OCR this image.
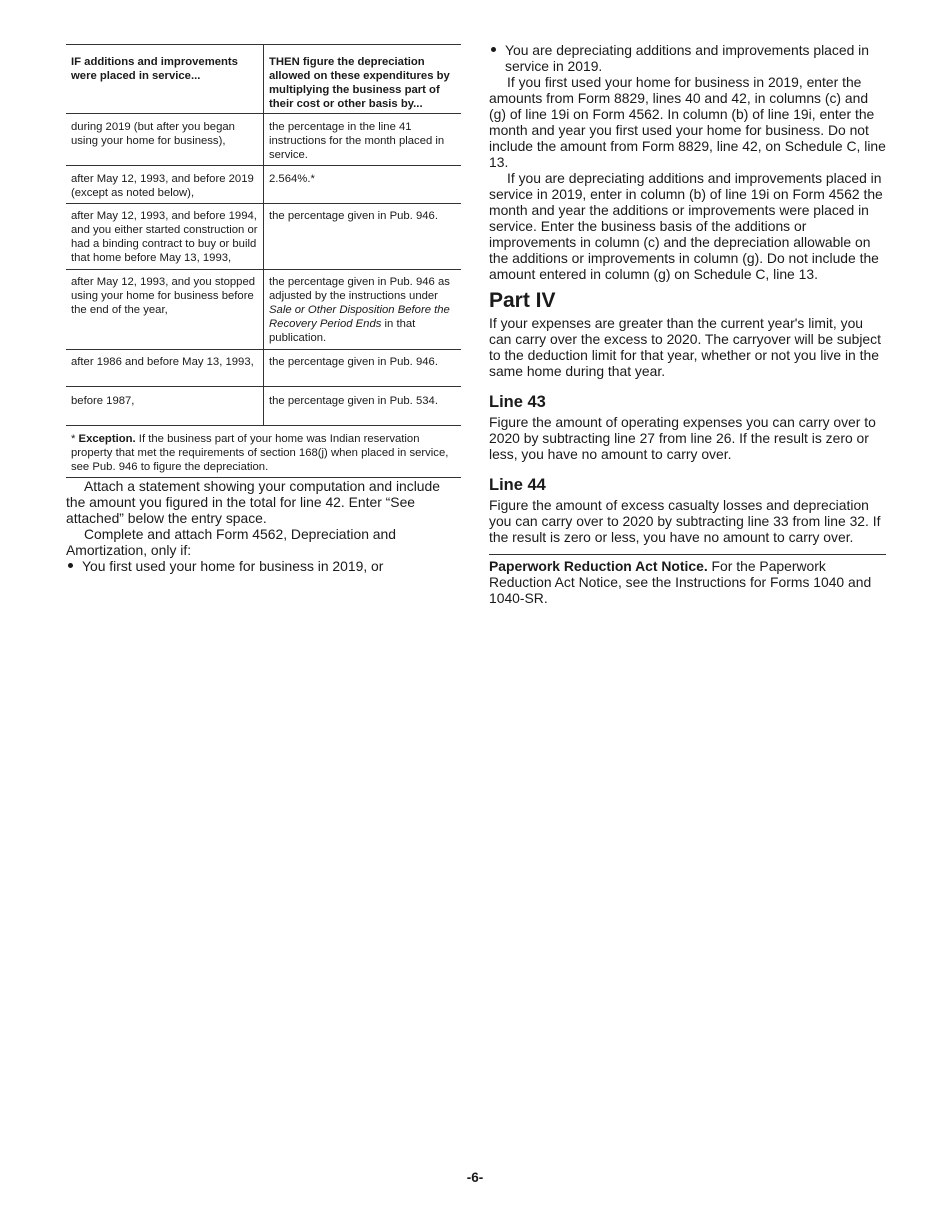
IF additions and improvements were placed in service...	THEN figure the depreciation allowed on these expenditures by multiplying the business part of their cost or other basis by...
during 2019 (but after you began using your home for business),	the percentage in the line 41 instructions for the month placed in service.
after May 12, 1993, and before 2019 (except as noted below),	2.564%.*
after May 12, 1993, and before 1994, and you either started construction or had a binding contract to buy or build that home before May 13, 1993,	the percentage given in Pub. 946.
after May 12, 1993, and you stopped using your home for business before the end of the year,	the percentage given in Pub. 946 as adjusted by the instructions under Sale or Other Disposition Before the Recovery Period Ends in that publication.
after 1986 and before May 13, 1993,	the percentage given in Pub. 946.
before 1987,	the percentage given in Pub. 534.
* Exception. If the business part of your home was Indian reservation property that met the requirements of section 168(j) when placed in service, see Pub. 946 to figure the depreciation.	

Attach a statement showing your computation and include the amount you figured in the total for line 42. Enter “See attached” below the entry space.

Complete and attach Form 4562, Depreciation and Amortization, only if:

You first used your home for business in 2019, or
You are depreciating additions and improvements placed in service in 2019.

If you first used your home for business in 2019, enter the amounts from Form 8829, lines 40 and 42, in columns (c) and (g) of line 19i on Form 4562. In column (b) of line 19i, enter the month and year you first used your home for business. Do not include the amount from Form 8829, line 42, on Schedule C, line 13.

If you are depreciating additions and improvements placed in service in 2019, enter in column (b) of line 19i on Form 4562 the month and year the additions or improvements were placed in service. Enter the business basis of the additions or improvements in column (c) and the depreciation allowable on the additions or improvements in column (g). Do not include the amount entered in column (g) on Schedule C, line 13.

Part IV

If your expenses are greater than the current year's limit, you can carry over the excess to 2020. The carryover will be subject to the deduction limit for that year, whether or not you live in the same home during that year.

Line 43

Figure the amount of operating expenses you can carry over to 2020 by subtracting line 27 from line 26. If the result is zero or less, you have no amount to carry over.

Line 44

Figure the amount of excess casualty losses and depreciation you can carry over to 2020 by subtracting line 33 from line 32. If the result is zero or less, you have no amount to carry over.

Paperwork Reduction Act Notice. For the Paperwork Reduction Act Notice, see the Instructions for Forms 1040 and 1040-SR.

-6-
